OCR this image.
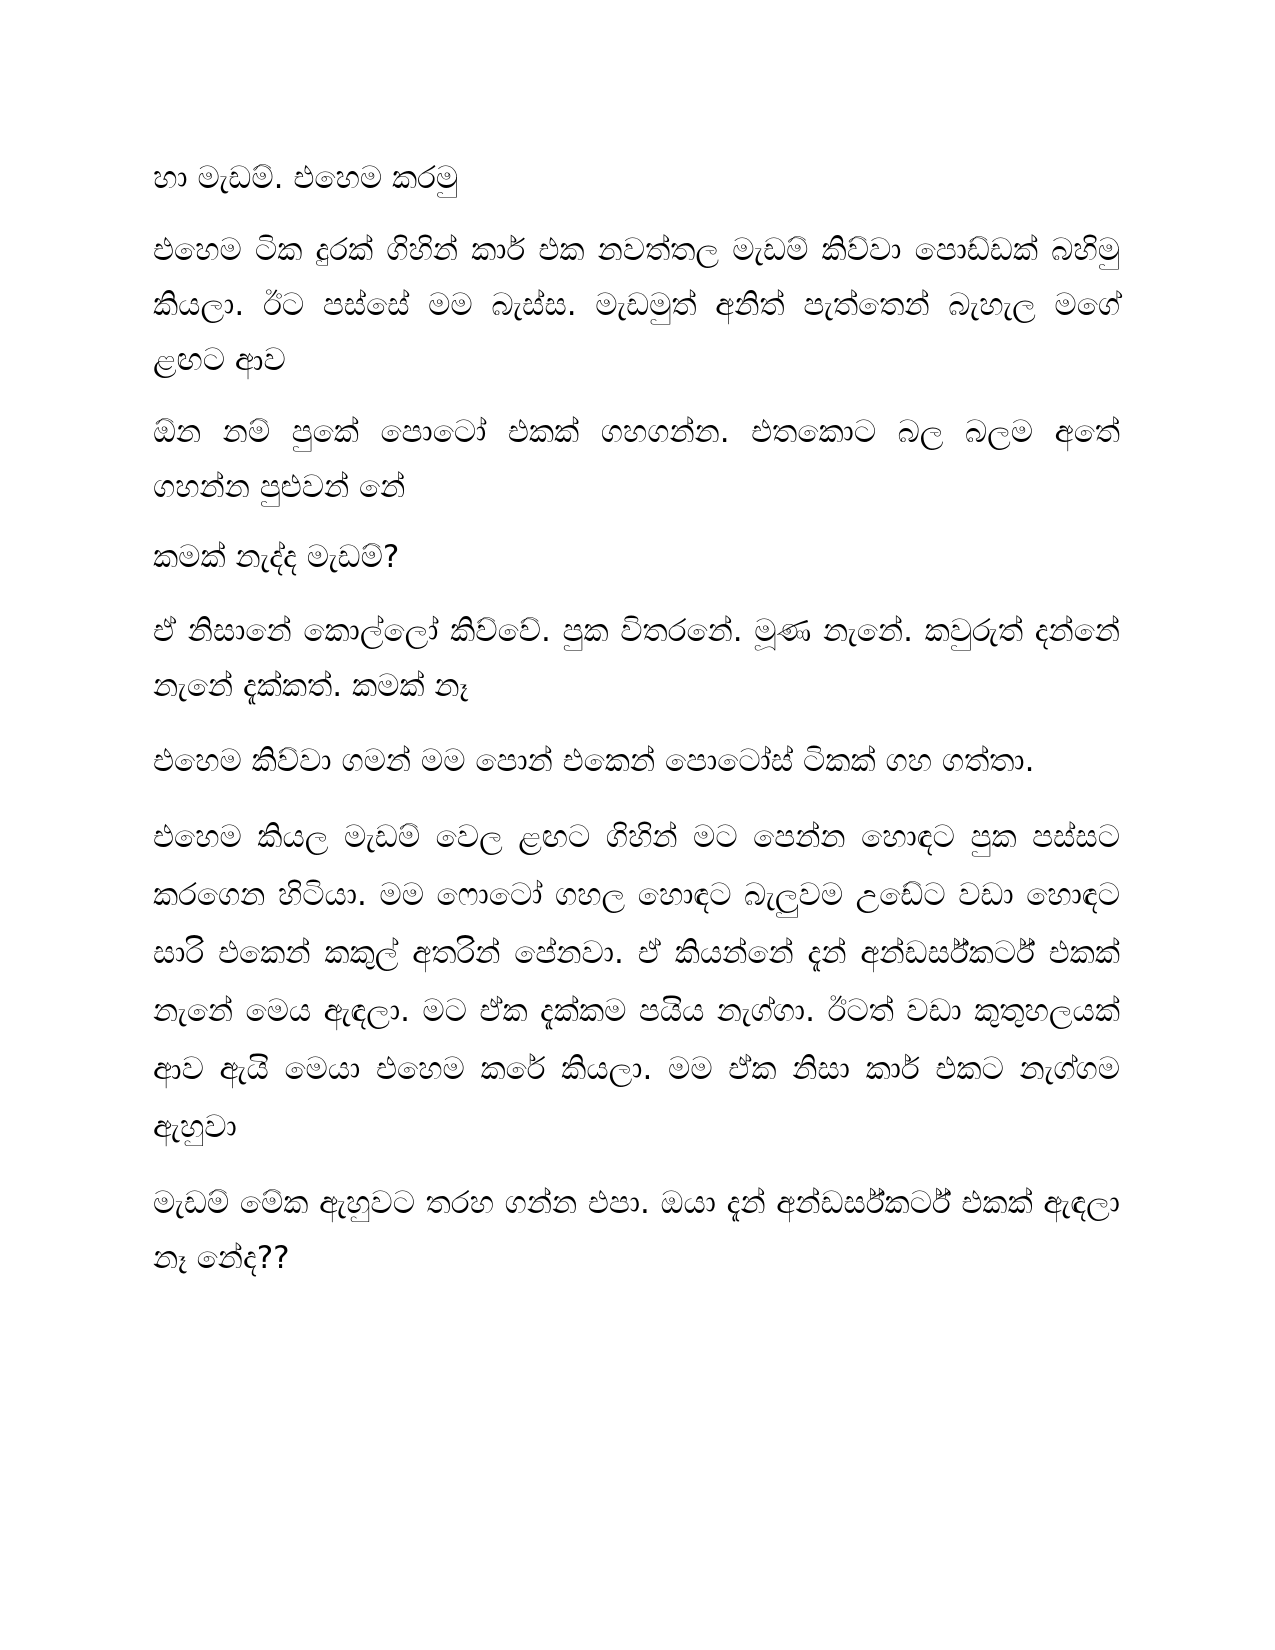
හා මැඩම්. එහෙම කරමු

එහෙම ටික දුරක් ගිහින් කාර් එක නවත්තල මැඩම් කිව්වා පොඩ්ඩක් බහිමු කියලා. ඊට පස්සේ මම බැස්ස. මැඩමුත් අනිත් පැත්තෙන් බැහැල මගේ ළඟට ආව

ඕන නම් පුකේ පොටෝ එකක් ගහගන්න. එතකොට බල බලම අතේ ගහන්න පුළුවන් නේ

කමක් නැද්ද මැඩම්?

ඒ නිසානේ කොල්ලෝ කිව්වේ. පුක විතරනේ. මූණ නැනේ. කවුරුත් දන්නේ නැනේ දැක්කත්. කමක් නෑ

එහෙම කිව්වා ගමන් මම පොන් එකෙන් පොටෝස් ටිකක් ගහ ගත්තා.

එහෙම කියල මැඩම් වෙල ළඟට ගිහින් මට පෙන්න හොඳට පුක පස්සට කරගෙන හිටියා. මම ෆොටෝ ගහල හොඳට බැලුවම උඩේට වඩා හොඳට සාරි එකෙන් කකුල් අතරින් පේනවා. ඒ කියන්නේ දැන් අන්ඩර්ස්කර්ට් එකක් නැනේ මෙය ඇඳලා. මට ඒක දැක්කම පයිය නැග්ගා. ඊටත් වඩා කුතුහලයක් ආව ඇයි මෙයා එහෙම කරේ කියලා. මම ඒක නිසා කාර් එකට නැග්ගම ඇහුවා

මැඩම් මේක ඇහුවට තරහ ගන්න එපා. ඔයා දැන් අන්ඩර්ස්කර්ට් එකක් ඇඳලා නෑ නේද??
